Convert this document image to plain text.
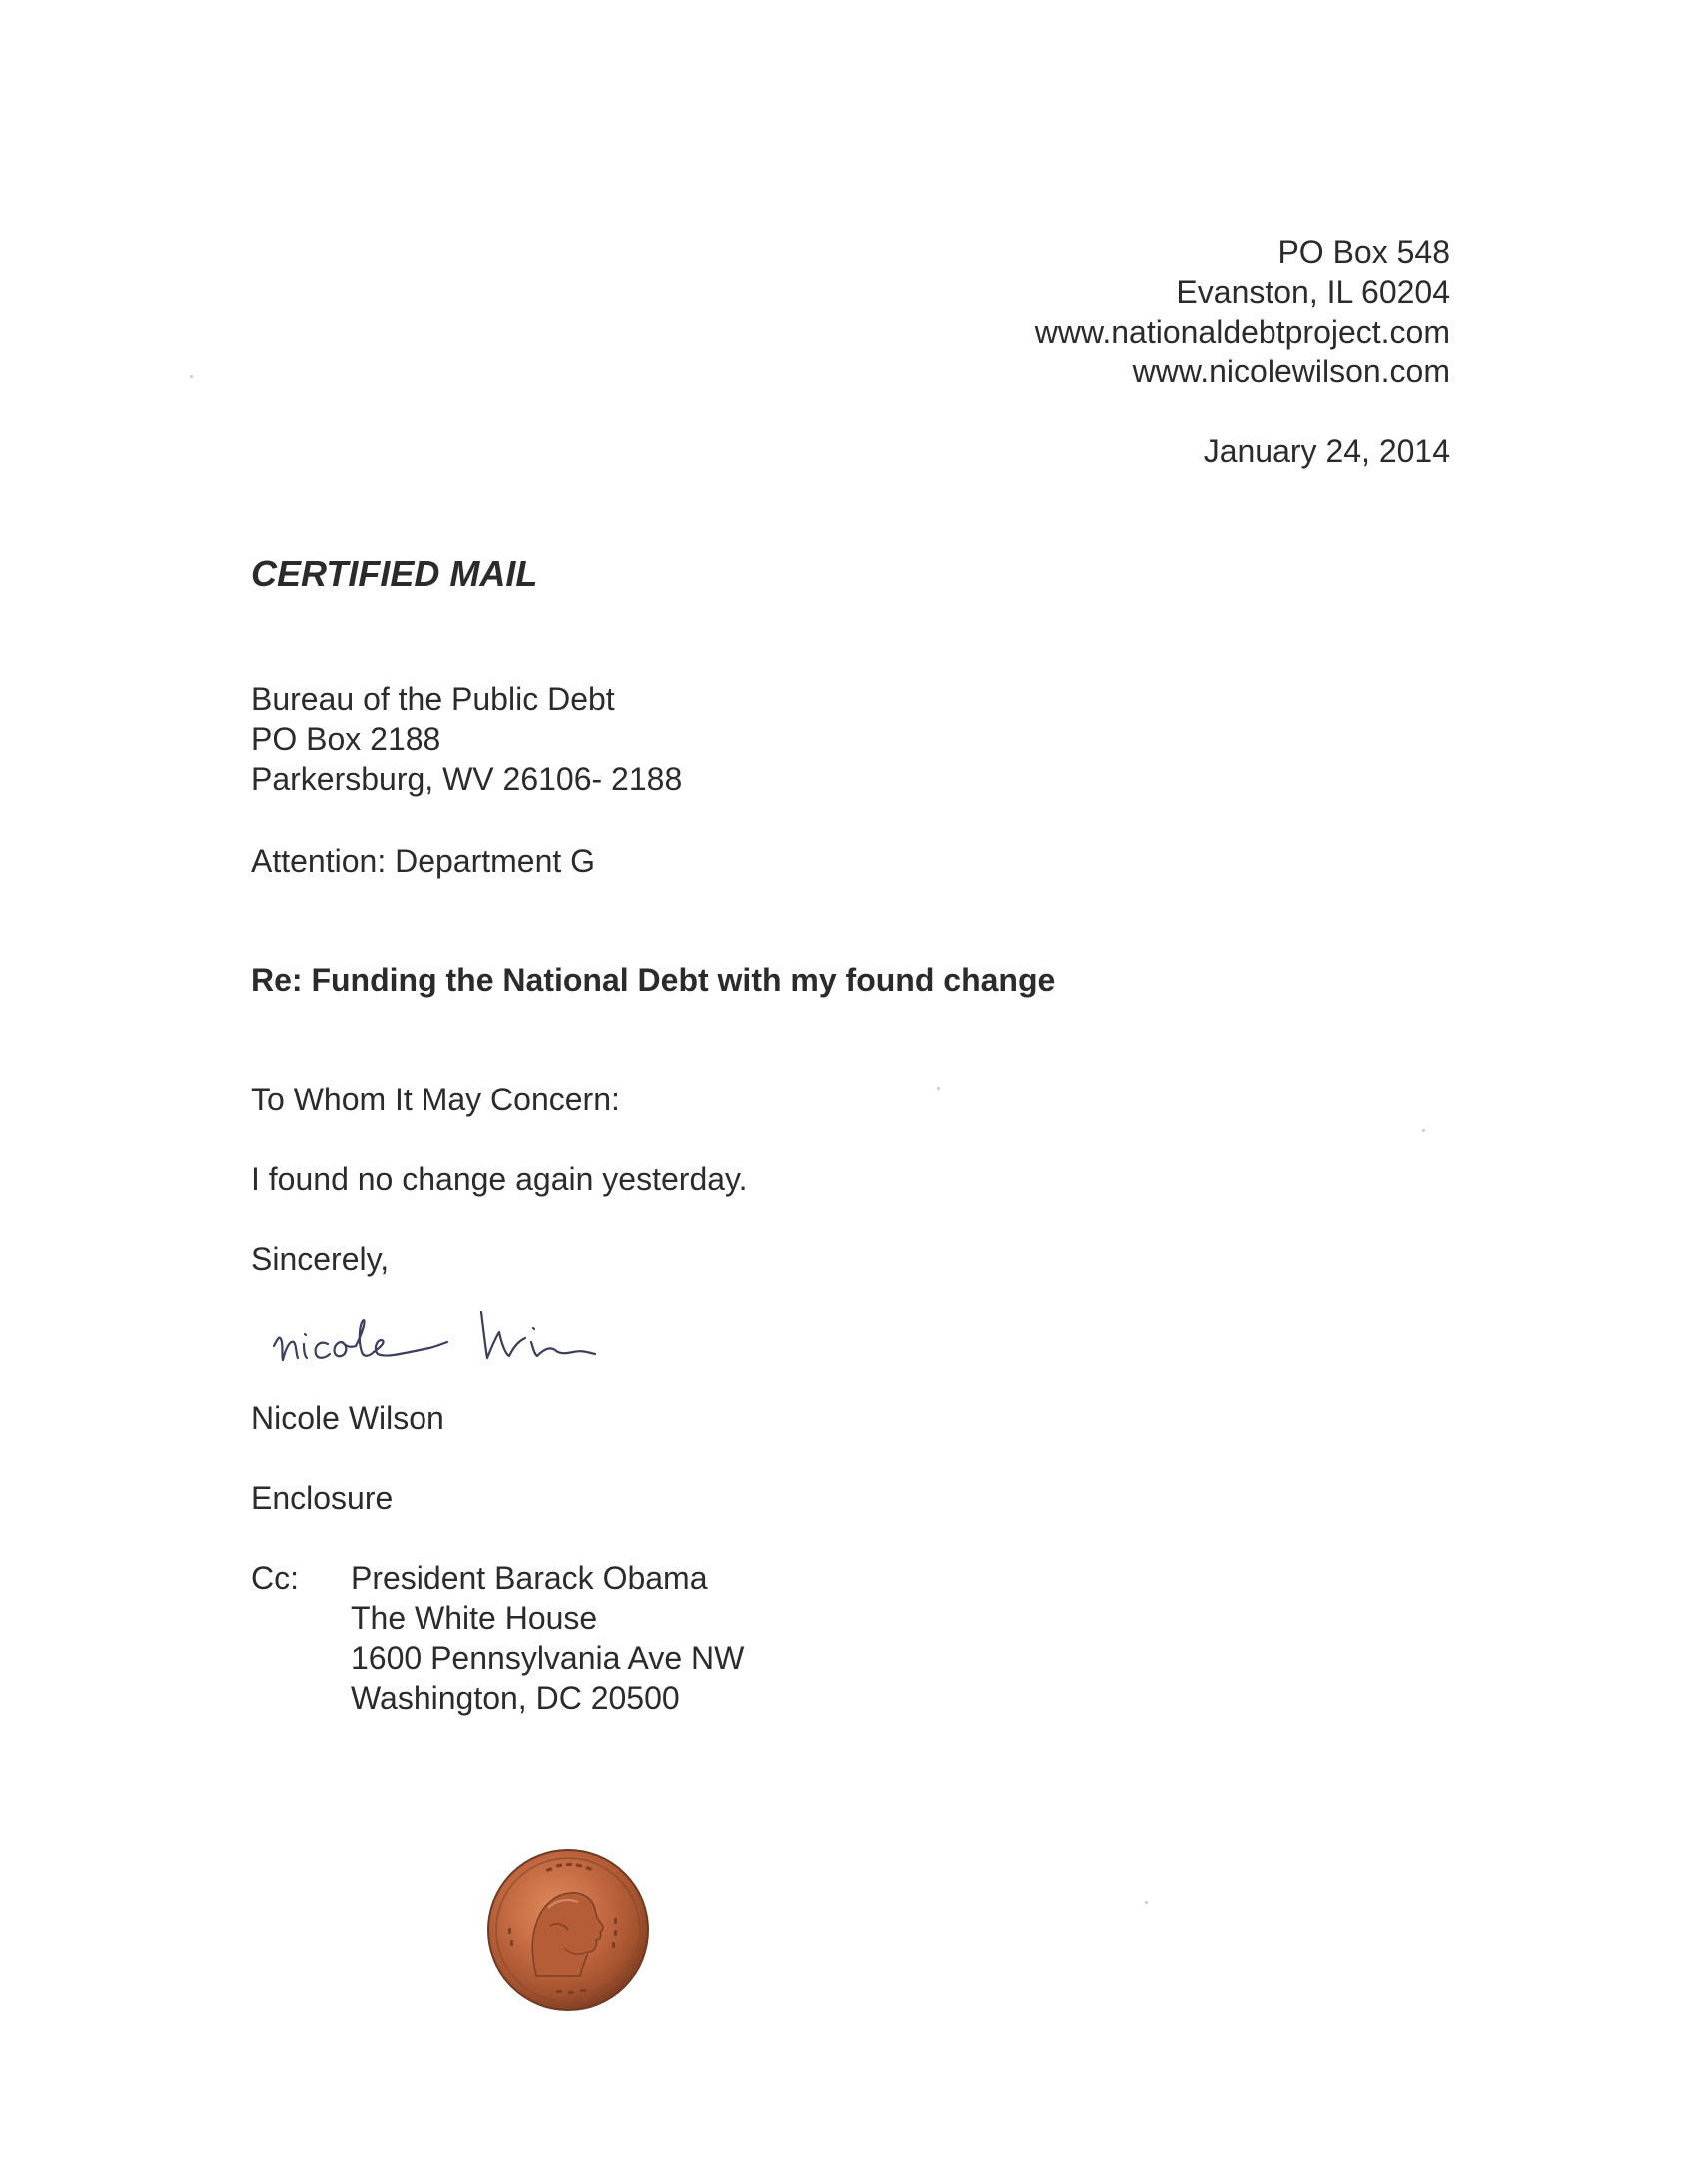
PO Box 548
Evanston, IL 60204
www.nationaldebtproject.com
www.nicolewilson.com
January 24, 2014
CERTIFIED MAIL
Bureau of the Public Debt
PO Box 2188
Parkersburg, WV 26106- 2188
Attention: Department G
Re: Funding the National Debt with my found change
To Whom It May Concern:
I found no change again yesterday.
Sincerely,
Nicole Wilson
Enclosure
Cc: President Barack Obama
The White House
1600 Pennsylvania Ave NW
Washington, DC 20500
